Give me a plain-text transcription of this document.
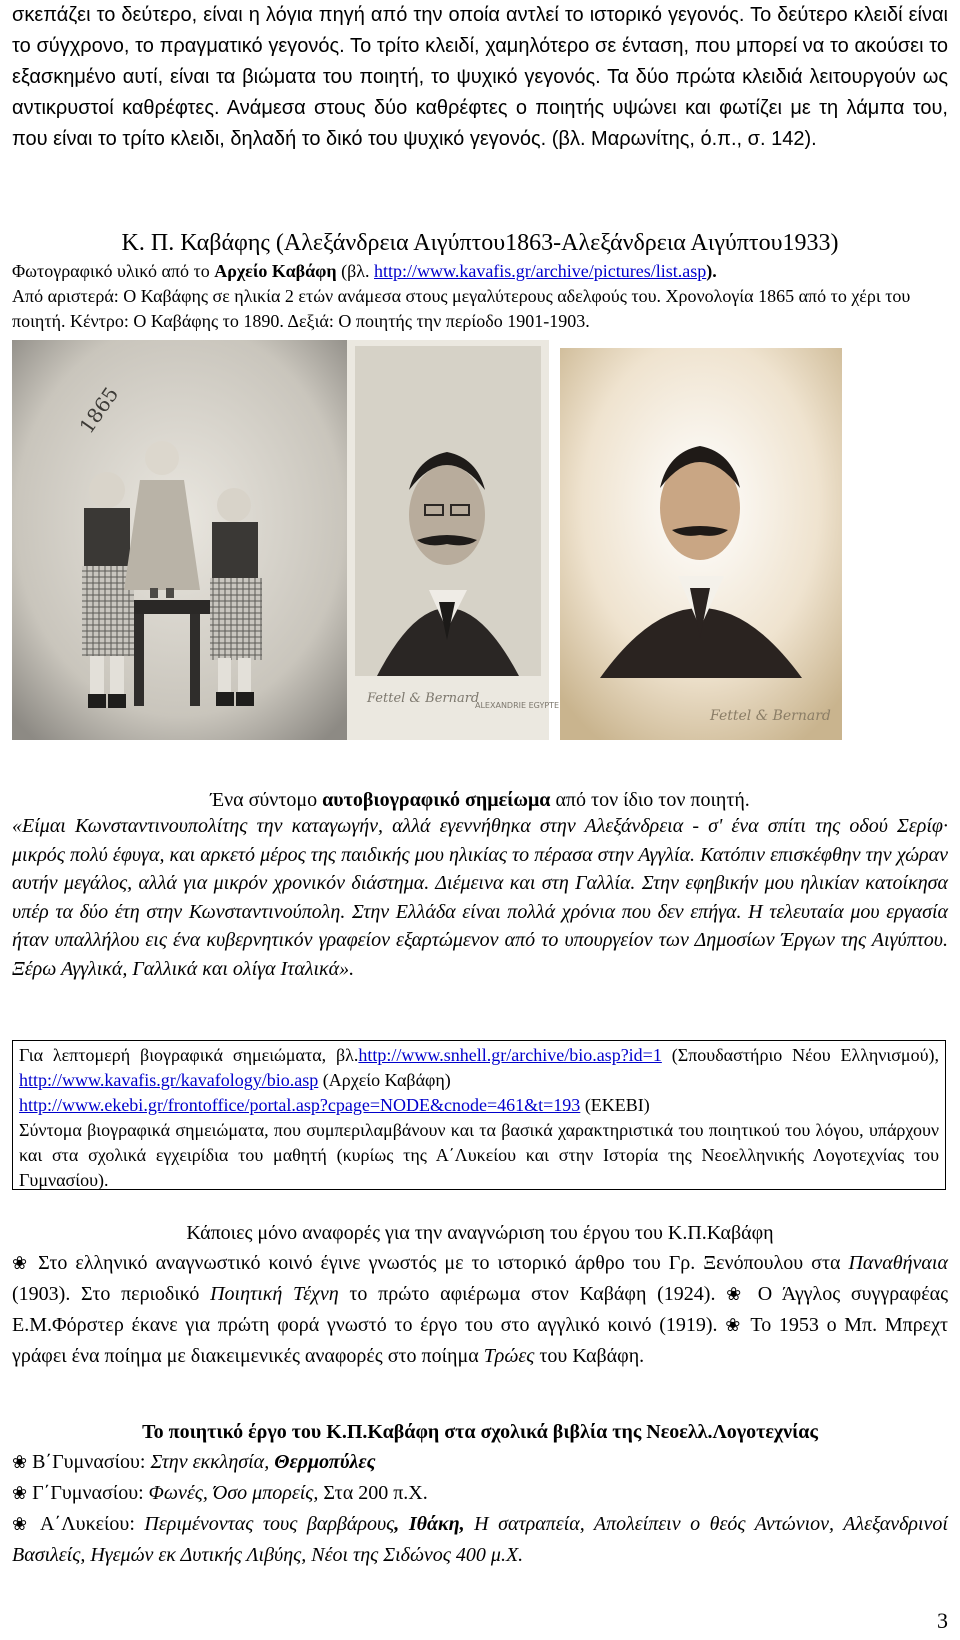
σκεπάζει το δεύτερο, είναι η λόγια πηγή από την οποία αντλεί το ιστορικό γεγονός. Το δεύτερο κλειδί είναι το σύγχρονο, το πραγματικό γεγονός. Το τρίτο κλειδί, χαμηλότερο σε ένταση, που μπορεί να το ακούσει το εξασκημένο αυτί, είναι τα βιώματα του ποιητή, το ψυχικό γεγονός. Τα δύο πρώτα κλειδιά λειτουργούν ως αντικρυστοί καθρέφτες. Ανάμεσα στους δύο καθρέφτες ο ποιητής υψώνει και φωτίζει με τη λάμπα του, που είναι το τρίτο κλειδι, δηλαδή το δικό του ψυχικό γεγονός. (βλ. Μαρωνίτης, ό.π., σ. 142).

Κ. Π. Καβάφης (Αλεξάνδρεια Αιγύπτου1863-Αλεξάνδρεια Αιγύπτου1933)

Φωτογραφικό υλικό από το Αρχείο Καβάφη (βλ. http://www.kavafis.gr/archive/pictures/list.asp).

Από αριστερά: Ο Καβάφης σε ηλικία 2 ετών ανάμεσα στους μεγαλύτερους αδελφούς του. Χρονολογία 1865 από το χέρι του ποιητή. Κέντρο: Ο Καβάφης το 1890. Δεξιά: Ο ποιητής την περίοδο 1901-1903.

1865
Fettel & Bernard
ALEXANDRIE EGYPTE
Fettel & Bernard
Ένα σύντομο αυτοβιογραφικό σημείωμα από τον ίδιο τον ποιητή.

«Είμαι Κωνσταντινουπολίτης την καταγωγήν, αλλά εγεννήθηκα στην Αλεξάνδρεια - σ' ένα σπίτι της οδού Σερίφ· μικρός πολύ έφυγα, και αρκετό μέρος της παιδικής μου ηλικίας το πέρασα στην Αγγλία. Κατόπιν επισκέφθην την χώραν αυτήν μεγάλος, αλλά για μικρόν χρονικόν διάστημα. Διέμεινα και στη Γαλλία. Στην εφηβικήν μου ηλικίαν κατοίκησα υπέρ τα δύο έτη στην Κωνσταντινούπολη. Στην Ελλάδα είναι πολλά χρόνια που δεν επήγα. Η τελευταία μου εργασία ήταν υπαλλήλου εις ένα κυβερνητικόν γραφείον εξαρτώμενον από το υπουργείον των Δημοσίων Έργων της Αιγύπτου. Ξέρω Αγγλικά, Γαλλικά και ολίγα Ιταλικά».

Για λεπτομερή βιογραφικά σημειώματα, βλ.http://www.snhell.gr/archive/bio.asp?id=1 (Σπουδαστήριο Νέου Ελληνισμού), http://www.kavafis.gr/kavafology/bio.asp (Αρχείο Καβάφη)
http://www.ekebi.gr/frontoffice/portal.asp?cpage=NODE&cnode=461&t=193 (ΕΚΕΒΙ)

Σύντομα βιογραφικά σημειώματα, που συμπεριλαμβάνουν και τα βασικά χαρακτηριστικά του ποιητικού του λόγου, υπάρχουν και στα σχολικά εγχειρίδια του μαθητή (κυρίως της Α΄Λυκείου και στην Ιστορία της Νεοελληνικής Λογοτεχνίας του Γυμνασίου).

Κάποιες μόνο αναφορές για την αναγνώριση του έργου του Κ.Π.Καβάφη

❀ Στο ελληνικό αναγνωστικό κοινό έγινε γνωστός με το ιστορικό άρθρο του Γρ. Ξενόπουλου στα Παναθήναια (1903). Στο περιοδικό Ποιητική Τέχνη το πρώτο αφιέρωμα στον Καβάφη (1924). ❀ Ο Άγγλος συγγραφέας Ε.Μ.Φόρστερ έκανε για πρώτη φορά γνωστό το έργο του στο αγγλικό κοινό (1919). ❀ Το 1953 ο Μπ. Μπρεχτ γράφει ένα ποίημα με διακειμενικές αναφορές στο ποίημα Τρώες του Καβάφη.

Το ποιητικό έργο του Κ.Π.Καβάφη στα σχολικά βιβλία της Νεοελλ.Λογοτεχνίας

❀ Β΄Γυμνασίου: Στην εκκλησία, Θερμοπύλες

❀ Γ΄Γυμνασίου: Φωνές, Όσο μπορείς, Στα 200 π.Χ.

❀ Α΄Λυκείου: Περιμένοντας τους βαρβάρους, Ιθάκη, Η σατραπεία, Απολείπειν ο θεός Αντώνιον, Αλεξανδρινοί Βασιλείς, Ηγεμών εκ Δυτικής Λιβύης, Νέοι της Σιδώνος 400 μ.Χ.

3
